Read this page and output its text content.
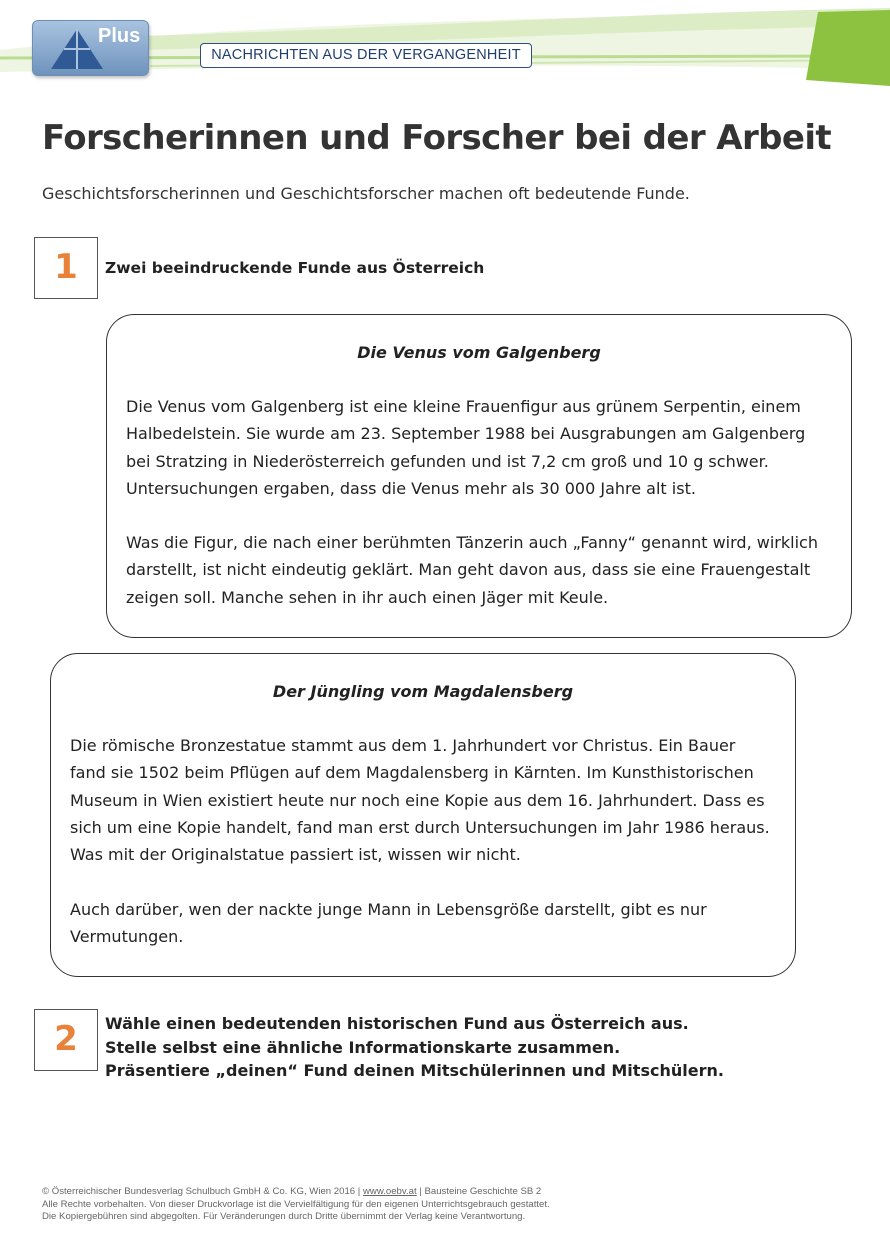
Plus
NACHRICHTEN AUS DER VERGANGENHEIT
Forscherinnen und Forscher bei der Arbeit

Geschichtsforscherinnen und Geschichtsforscher machen oft bedeutende Funde.

1	Zwei beeindruckende Funde aus Österreich
Die Venus vom Galgenberg

Die Venus vom Galgenberg ist eine kleine Frauenfigur aus grünem Serpentin, einem Halbedelstein. Sie wurde am 23. September 1988 bei Ausgrabungen am Galgenberg bei Stratzing in Niederösterreich gefunden und ist 7,2 cm groß und 10 g schwer. Untersuchungen ergaben, dass die Venus mehr als 30 000 Jahre alt ist.

Was die Figur, die nach einer berühmten Tänzerin auch „Fanny“ genannt wird, wirklich darstellt, ist nicht eindeutig geklärt. Man geht davon aus, dass sie eine Frauengestalt zeigen soll. Manche sehen in ihr auch einen Jäger mit Keule.

Der Jüngling vom Magdalensberg

Die römische Bronzestatue stammt aus dem 1. Jahrhundert vor Christus. Ein Bauer fand sie 1502 beim Pflügen auf dem Magdalensberg in Kärnten. Im Kunsthistorischen Museum in Wien existiert heute nur noch eine Kopie aus dem 16. Jahrhundert. Dass es sich um eine Kopie handelt, fand man erst durch Untersuchungen im Jahr 1986 heraus. Was mit der Originalstatue passiert ist, wissen wir nicht.

Auch darüber, wen der nackte junge Mann in Lebensgröße darstellt, gibt es nur Vermutungen.

2	Wähle einen bedeutenden historischen Fund aus Österreich aus.
Stelle selbst eine ähnliche Informationskarte zusammen.
Präsentiere „deinen“ Fund deinen Mitschülerinnen und Mitschülern.
© Österreichischer Bundesverlag Schulbuch GmbH & Co. KG, Wien 2016 | www.oebv.at | Bausteine Geschichte SB 2
Alle Rechte vorbehalten. Von dieser Druckvorlage ist die Vervielfältigung für den eigenen Unterrichtsgebrauch gestattet.
Die Kopiergebühren sind abgegolten. Für Veränderungen durch Dritte übernimmt der Verlag keine Verantwortung.
